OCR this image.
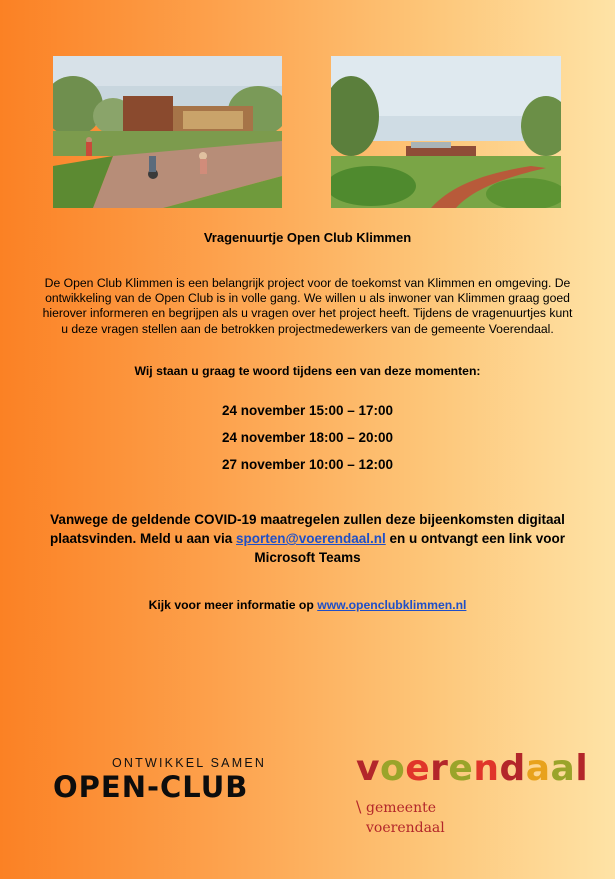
Vragenuurtje Open Club Klimmen
De Open Club Klimmen is een belangrijk project voor de toekomst van Klimmen en omgeving. De ontwikkeling van de Open Club is in volle gang. We willen u als inwoner van Klimmen graag goed hierover informeren en begrijpen als u vragen over het project heeft. Tijdens de vragenuurtjes kunt u deze vragen stellen aan de betrokken projectmedewerkers van de gemeente Voerendaal.
Wij staan u graag te woord tijdens een van deze momenten:
24 november 15:00 – 17:00
24 november 18:00 – 20:00
27 november 10:00 – 12:00
Vanwege de geldende COVID-19 maatregelen zullen deze bijeenkomsten digitaal plaatsvinden. Meld u aan via sporten@voerendaal.nl en u ontvangt een link voor Microsoft Teams
Kijk voor meer informatie op www.openclubklimmen.nl
ONTWIKKEL SAMEN
OPEN-CLUB	voerendaal
\ gemeente
voerendaal
